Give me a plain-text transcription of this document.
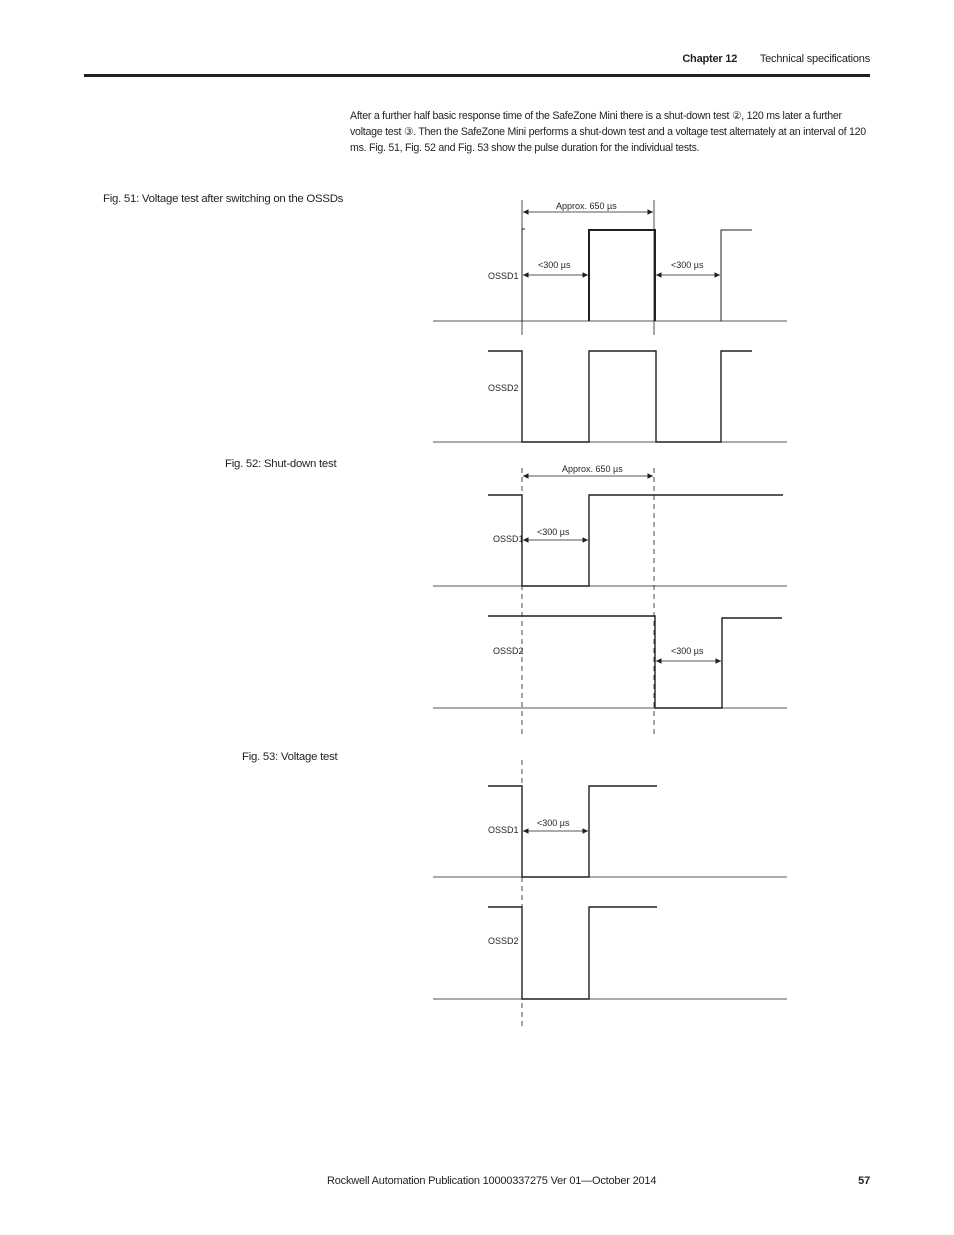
Chapter 12 Technical specifications
After a further half basic response time of the SafeZone Mini there is a shut-down test ②, 120 ms later a further voltage test ③. Then the SafeZone Mini performs a shut-down test and a voltage test alternately at an interval of 120 ms. Fig. 51, Fig. 52 and Fig. 53 show the pulse duration for the individual tests.
Fig. 51: Voltage test after switching on the OSSDs
Approx. 650 µs
<300 µs	<300 µs
OSSD1
OSSD2
Fig. 52: Shut-down test	Approx. 650 µs
<300 µs
<300 µs
OSSD1
OSSD2
Fig. 53: Voltage test
<300 µs
OSSD1
OSSD2
Rockwell Automation Publication 10000337275 Ver 01—October 2014	57
